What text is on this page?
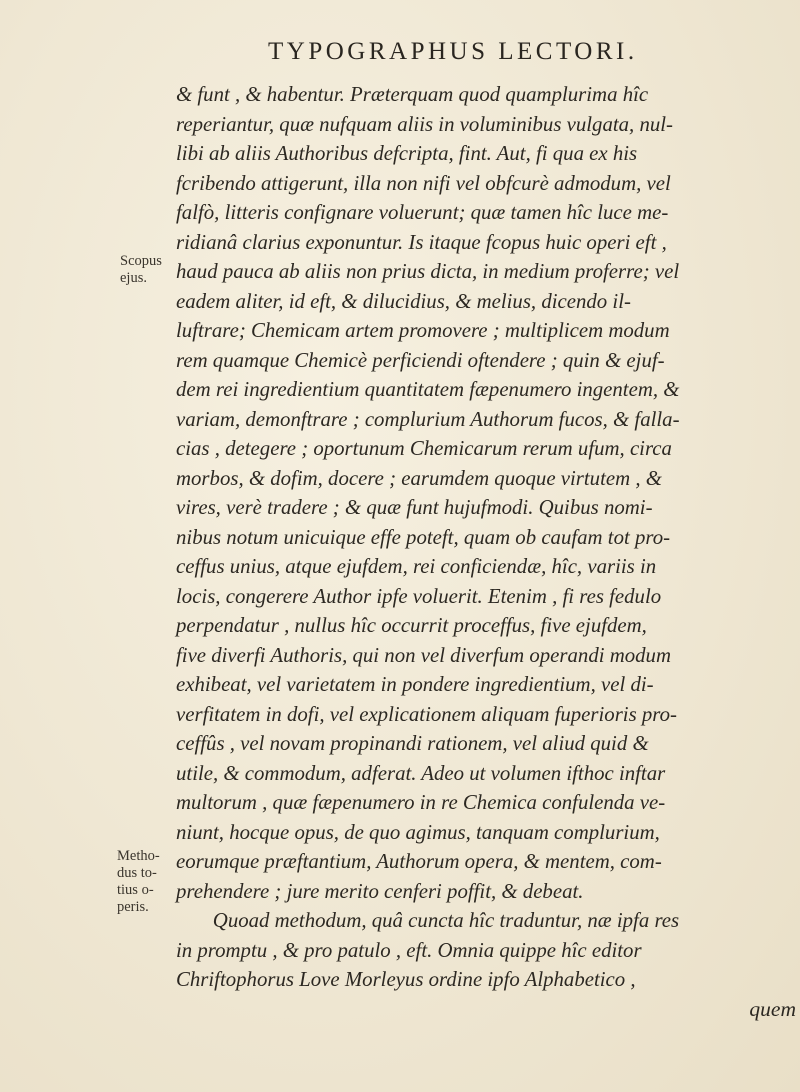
TYPOGRAPHUS LECTORI.
Scopus
ejus.
Metho-
dus to-
tius o-
peris.
& funt , & habentur. Præterquam quod quamplurima hîc
reperiantur, quæ nufquam aliis in voluminibus vulgata, nul-
libi ab aliis Authoribus defcripta, fint. Aut, fi qua ex his
fcribendo attigerunt, illa non nifi vel obfcurè admodum, vel
falfò, litteris confignare voluerunt; quæ tamen hîc luce me-
ridianâ clarius exponuntur. Is itaque fcopus huic operi eft ,
haud pauca ab aliis non prius dicta, in medium proferre; vel
eadem aliter, id eft, & dilucidius, & melius, dicendo il-
luftrare; Chemicam artem promovere ; multiplicem modum
rem quamque Chemicè perficiendi oftendere ; quin & ejuf-
dem rei ingredientium quantitatem fæpenumero ingentem, &
variam, demonftrare ; complurium Authorum fucos, & falla-
cias , detegere ; oportunum Chemicarum rerum ufum, circa
morbos, & dofim, docere ; earumdem quoque virtutem , &
vires, verè tradere ; & quæ funt hujufmodi. Quibus nomi-
nibus notum unicuique effe poteft, quam ob caufam tot pro-
ceffus unius, atque ejufdem, rei conficiendæ, hîc, variis in
locis, congerere Author ipfe voluerit. Etenim , fi res fedulo
perpendatur , nullus hîc occurrit proceffus, five ejufdem,
five diverfi Authoris, qui non vel diverfum operandi modum
exhibeat, vel varietatem in pondere ingredientium, vel di-
verfitatem in dofi, vel explicationem aliquam fuperioris pro-
ceffûs , vel novam propinandi rationem, vel aliud quid &
utile, & commodum, adferat. Adeo ut volumen ifthoc inftar
multorum , quæ fæpenumero in re Chemica confulenda ve-
niunt, hocque opus, de quo agimus, tanquam complurium,
eorumque præftantium, Authorum opera, & mentem, com-
prehendere ; jure merito cenferi poffit, & debeat.
Quoad methodum, quâ cuncta hîc traduntur, næ ipfa res
in promptu , & pro patulo , eft. Omnia quippe hîc editor
Chriftophorus Love Morleyus ordine ipfo Alphabetico ,
quem
